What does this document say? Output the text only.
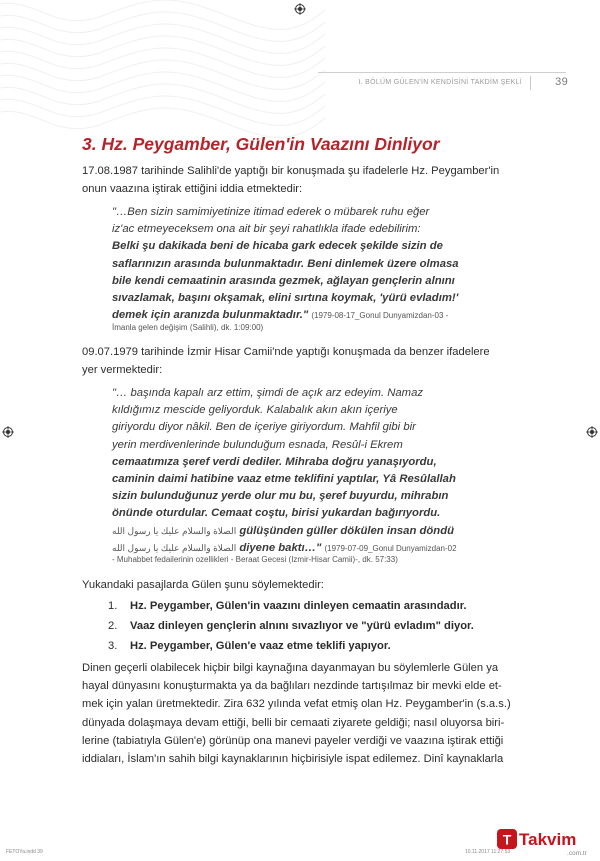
I. BÖLÜM GÜLEN'İN KENDİSİNİ TAKDİM ŞEKLİ	39
3. Hz. Peygamber, Gülen'in Vaazını Dinliyor
17.08.1987 tarihinde Salihli'de yaptığı bir konuşmada şu ifadelerle Hz. Peygamber'in
onun vaazına iştirak ettiğini iddia etmektedir:
"…Ben sizin samimiyetinize itimad ederek o mübarek ruhu eğer
iz'ac etmeyeceksem ona ait bir şeyi rahatlıkla ifade edebilirim:
Belki şu dakikada beni de hicaba gark edecek şekilde sizin de
saflarınızın arasında bulunmaktadır. Beni dinlemek üzere olmasa
bile kendi cemaatinin arasında gezmek, ağlayan gençlerin alnını
sıvazlamak, başını okşamak, elini sırtına koymak, 'yürü evladım!'
demek için aranızda bulunmaktadır." (1979-08-17_Gonul Dunyamizdan-03 -
İmanla gelen değişim (Salihli), dk. 1:09:00)
09.07.1979 tarihinde İzmir Hisar Camii'nde yaptığı konuşmada da benzer ifadelere
yer vermektedir:
"… başında kapalı arz ettim, şimdi de açık arz edeyim. Namaz
kıldığımız mescide geliyorduk. Kalabalık akın akın içeriye
giriyordu diyor nâkil. Ben de içeriye giriyordum. Mahfil gibi bir
yerin merdivenlerinde bulunduğum esnada, Resûl-i Ekrem
cemaatımıza şeref verdi dediler. Mihraba doğru yanaşıyordu,
caminin daimi hatibine vaaz etme teklifini yaptılar, Yâ Resûlallah
sizin bulunduğunuz yerde olur mu bu, şeref buyurdu, mihrabın
önünde oturdular. Cemaat coştu, birisi yukardan bağırıyordu.
الصلاة والسلام عليك يا رسول الله gülüşünden güller dökülen insan döndü
الصلاة والسلام عليك يا رسول الله diyene baktı…" (1979-07-09_Gonul Dunyamizdan-02
- Muhabbet fedailerinin ozellikleri - Beraat Gecesi (Izmir-Hisar Camii)-, dk. 57:33)
Yukandaki pasajlarda Gülen şunu söylemektedir:
1. Hz. Peygamber, Gülen'in vaazını dinleyen cemaatin arasındadır.
2. Vaaz dinleyen gençlerin alnını sıvazlıyor ve "yürü evladım" diyor.
3. Hz. Peygamber, Gülen'e vaaz etme teklifi yapıyor.
Dinen geçerli olabilecek hiçbir bilgi kaynağına dayanmayan bu söylemlerle Gülen ya
hayal dünyasını konuşturmakta ya da bağlıları nezdinde tartışılmaz bir mevki elde et-
mek için yalan üretmektedir. Zira 632 yılında vefat etmiş olan Hz. Peygamber'in (s.a.s.)
dünyada dolaşmaya devam ettiği, belli bir cemaati ziyarete geldiği; nasıl oluyorsa biri-
lerine (tabiatıyla Gülen'e) görünüp ona manevi payeler verdiği ve vaazına iştirak ettiği
iddiaları, İslam'ın sahih bilgi kaynaklarının hiçbirisiyle ispat edilemez. Dinî kaynaklarla
FETOYa.indd 39	10.11.2017 11:27:53
T Takvim
.com.tr
